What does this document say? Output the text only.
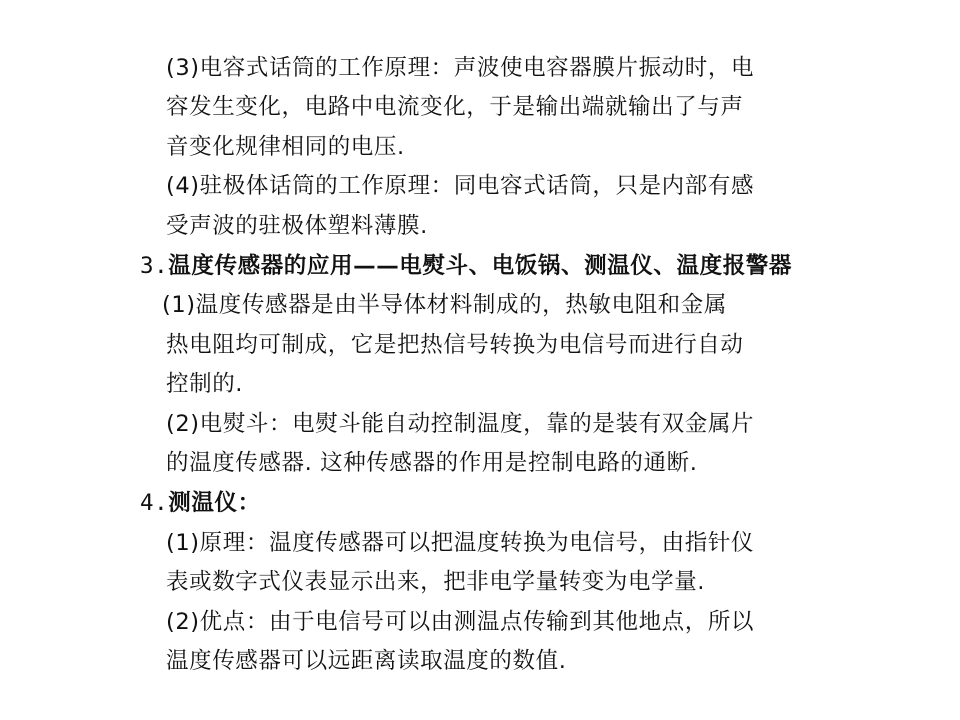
(3)电容式话筒的工作原理：声波使电容器膜片振动时，电
容发生变化，电路中电流变化，于是输出端就输出了与声
音变化规律相同的电压.
(4)驻极体话筒的工作原理：同电容式话筒，只是内部有感
受声波的驻极体塑料薄膜.
3.温度传感器的应用——电熨斗、电饭锅、测温仪、温度报警器
(1)温度传感器是由半导体材料制成的，热敏电阻和金属
热电阻均可制成，它是把热信号转换为电信号而进行自动
控制的.
(2)电熨斗：电熨斗能自动控制温度，靠的是装有双金属片
的温度传感器. 这种传感器的作用是控制电路的通断.
4.测温仪：
(1)原理：温度传感器可以把温度转换为电信号，由指针仪
表或数字式仪表显示出来，把非电学量转变为电学量.
(2)优点：由于电信号可以由测温点传输到其他地点，所以
温度传感器可以远距离读取温度的数值.
